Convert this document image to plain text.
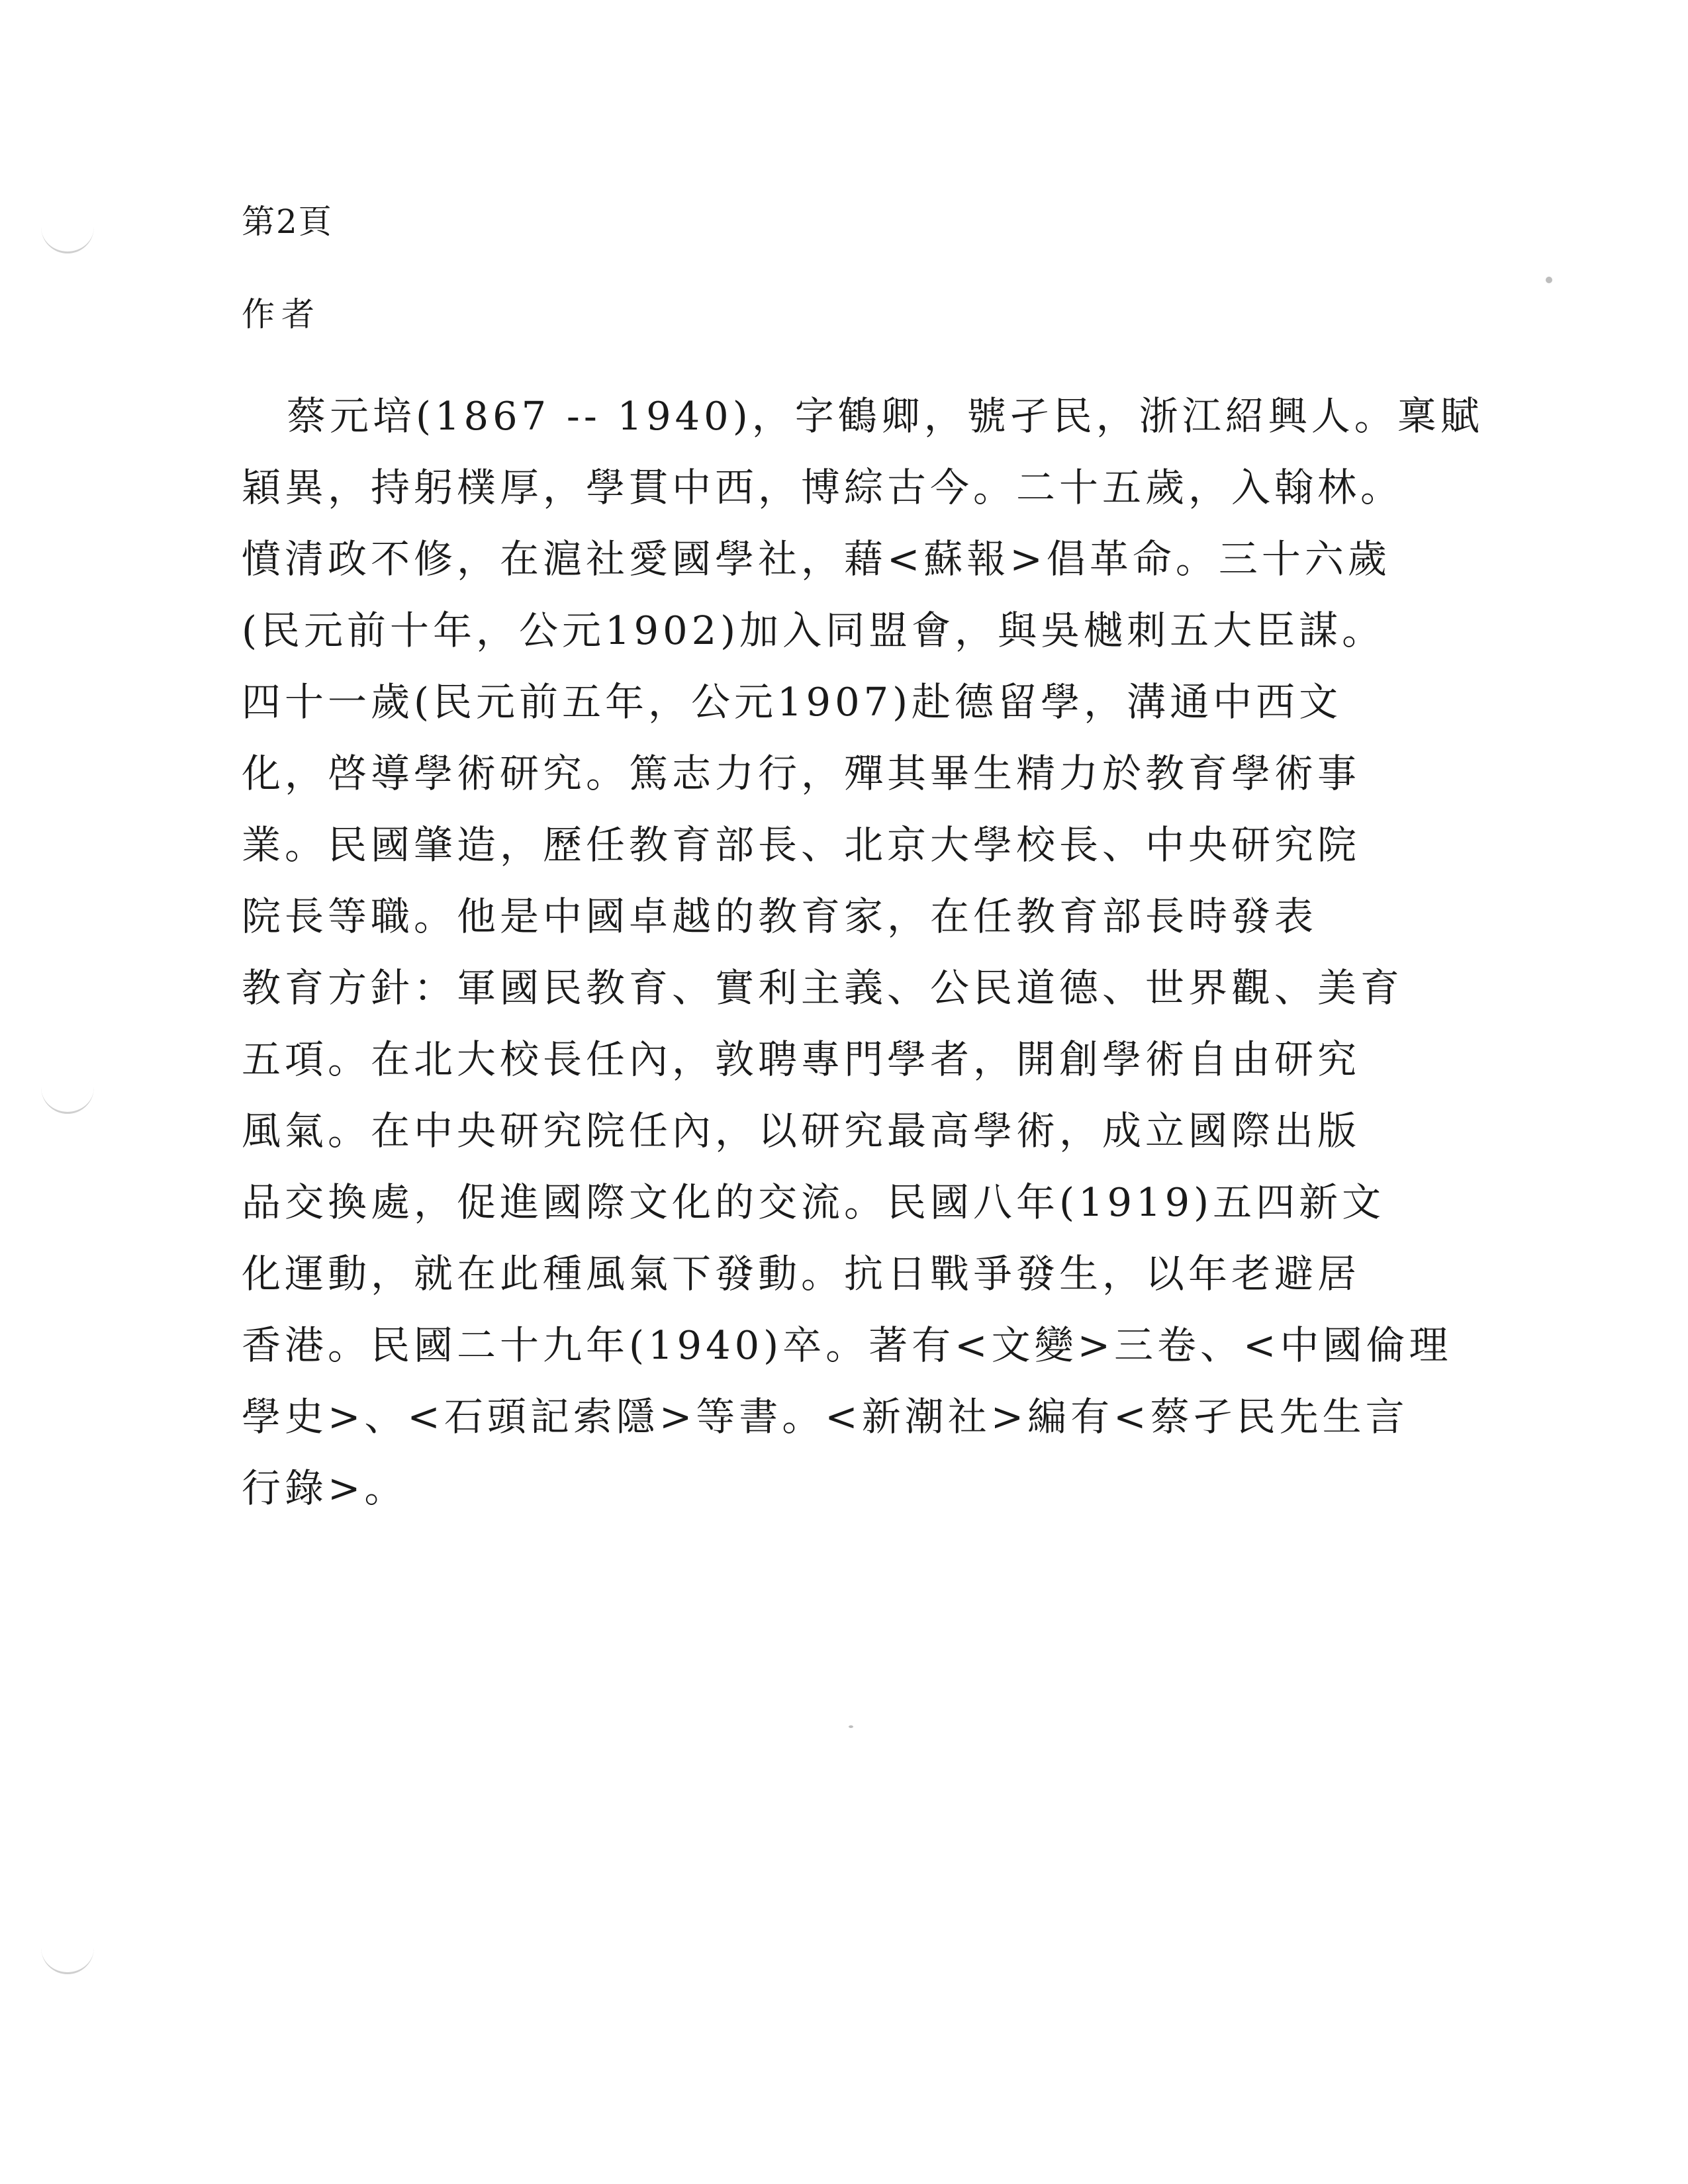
第2頁
作者
蔡元培(1867 -- 1940)，字鶴卿，號孑民，浙江紹興人。稟賦
穎異，持躬樸厚，學貫中西，博綜古今。二十五歲，入翰林。
憤清政不修，在滬社愛國學社，藉<蘇報>倡革命。三十六歲
(民元前十年，公元1902)加入同盟會，與吳樾刺五大臣謀。
四十一歲(民元前五年，公元1907)赴德留學，溝通中西文
化，啓導學術研究。篤志力行，殫其畢生精力於教育學術事
業。民國肇造，歷任教育部長、北京大學校長、中央研究院
院長等職。他是中國卓越的教育家，在任教育部長時發表
教育方針：軍國民教育、實利主義、公民道德、世界觀、美育
五項。在北大校長任內，敦聘專門學者，開創學術自由研究
風氣。在中央研究院任內，以研究最高學術，成立國際出版
品交換處，促進國際文化的交流。民國八年(1919)五四新文
化運動，就在此種風氣下發動。抗日戰爭發生，以年老避居
香港。民國二十九年(1940)卒。著有<文變>三卷、<中國倫理
學史>、<石頭記索隱>等書。<新潮社>編有<蔡孑民先生言
行錄>。
